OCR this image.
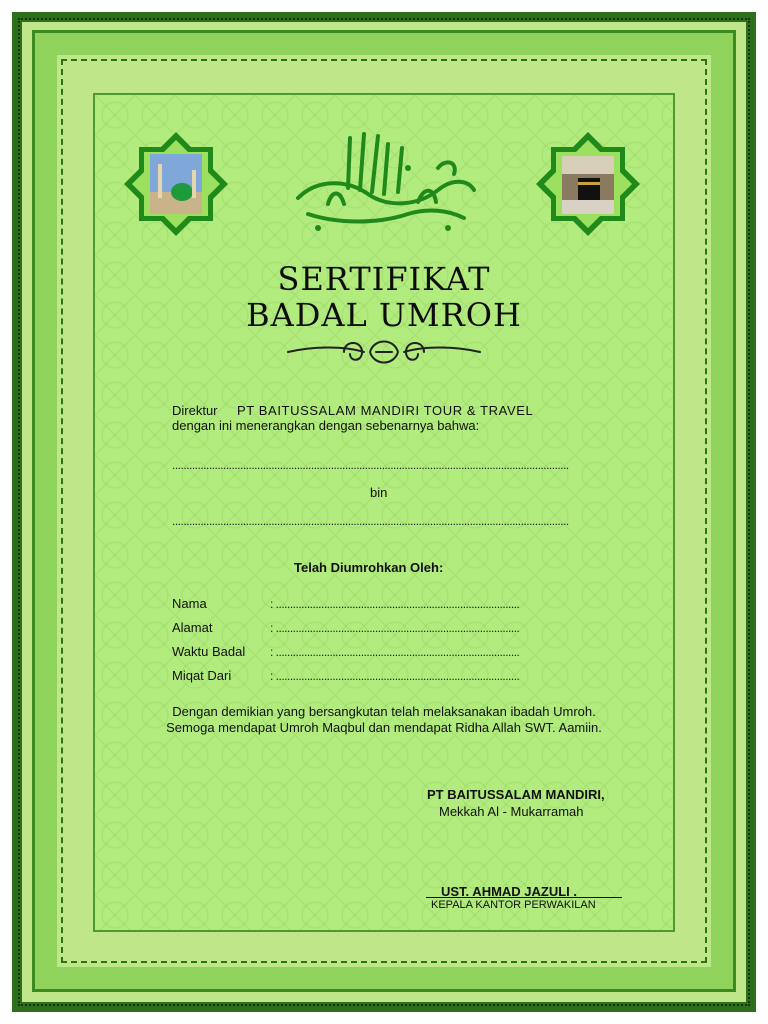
SERTIFIKAT
BADAL UMROH
Direktur PT BAITUSSALAM MANDIRI TOUR & TRAVEL
dengan ini menerangkan dengan sebenarnya bahwa:
............................................................................................................................................
bin
............................................................................................................................................
Telah Diumrohkan Oleh:
Nama	: ......................................................................................
Alamat	: ......................................................................................
Waktu Badal : ......................................................................................
Miqat Dari	: ......................................................................................
Dengan demikian yang bersangkutan telah melaksanakan ibadah Umroh.
Semoga mendapat Umroh Maqbul dan mendapat Ridha Allah SWT. Aamiin.
PT BAITUSSALAM MANDIRI,
Mekkah Al - Mukarramah
UST. AHMAD JAZULI .
KEPALA KANTOR PERWAKILAN
